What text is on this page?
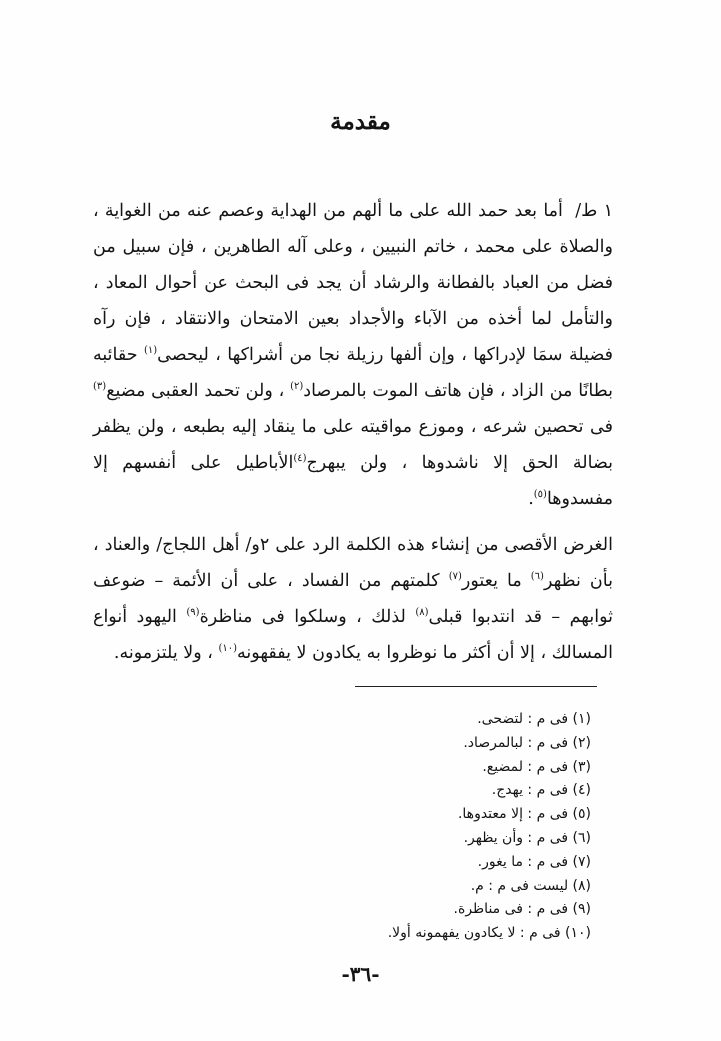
مقدمة

١ ط/ أما بعد حمد الله على ما ألهم من الهداية وعصم عنه من الغواية ، والصلاة على محمد ، خاتم النبيين ، وعلى آله الطاهرين ، فإن سبيل من فضل من العباد بالفطانة والرشاد أن يجد فى البحث عن أحوال المعاد ، والتأمل لما أخذه من الآباء والأجداد بعين الامتحان والانتقاد ، فإن رآه فضيلة سمَا لإدراكها ، وإن ألفها رزيلة نجا من أشراكها ، ليحصى$^{(١)}$ حقائبه بطانًا من الزاد ، فإن هاتف الموت بالمرصاد$^{(٢)}$ ، ولن تحمد العقبى مضيع$^{(٣)}$ فى تحصين شرعه ، وموزع مواقيته على ما ينقاد إليه بطبعه ، ولن يظفر بضالة الحق إلا ناشدوها ، ولن يبهرج$^{(٤)}$الأباطيل على أنفسهم إلا مفسدوها$^{(٥)}$.

الغرض الأقصى من إنشاء هذه الكلمة الرد على ٢و/ أهل اللجاج/ والعناد ، بأن نظهر$^{(٦)}$ ما يعتور$^{(٧)}$ كلمتهم من الفساد ، على أن الأئمة – ضوعف ثوابهم – قد انتدبوا قبلى$^{(٨)}$ لذلك ، وسلكوا فى مناظرة$^{(٩)}$ اليهود أنواع المسالك ، إلا أن أكثر ما نوظروا به يكادون لا يفقهونه$^{(١٠)}$ ، ولا يلتزمونه.

(١) فى م : لتضحى.
(٢) فى م : لبالمرصاد.
(٣) فى م : لمضيع.
(٤) فى م : يهدج.
(٥) فى م : إلا معتدوها.
(٦) فى م : وأن يظهر.
(٧) فى م : ما يغور.
(٨) ليست فى م : م.
(٩) فى م : فى مناظرة.
(١٠) فى م : لا يكادون يفهمونه أولا.
-٣٦-
